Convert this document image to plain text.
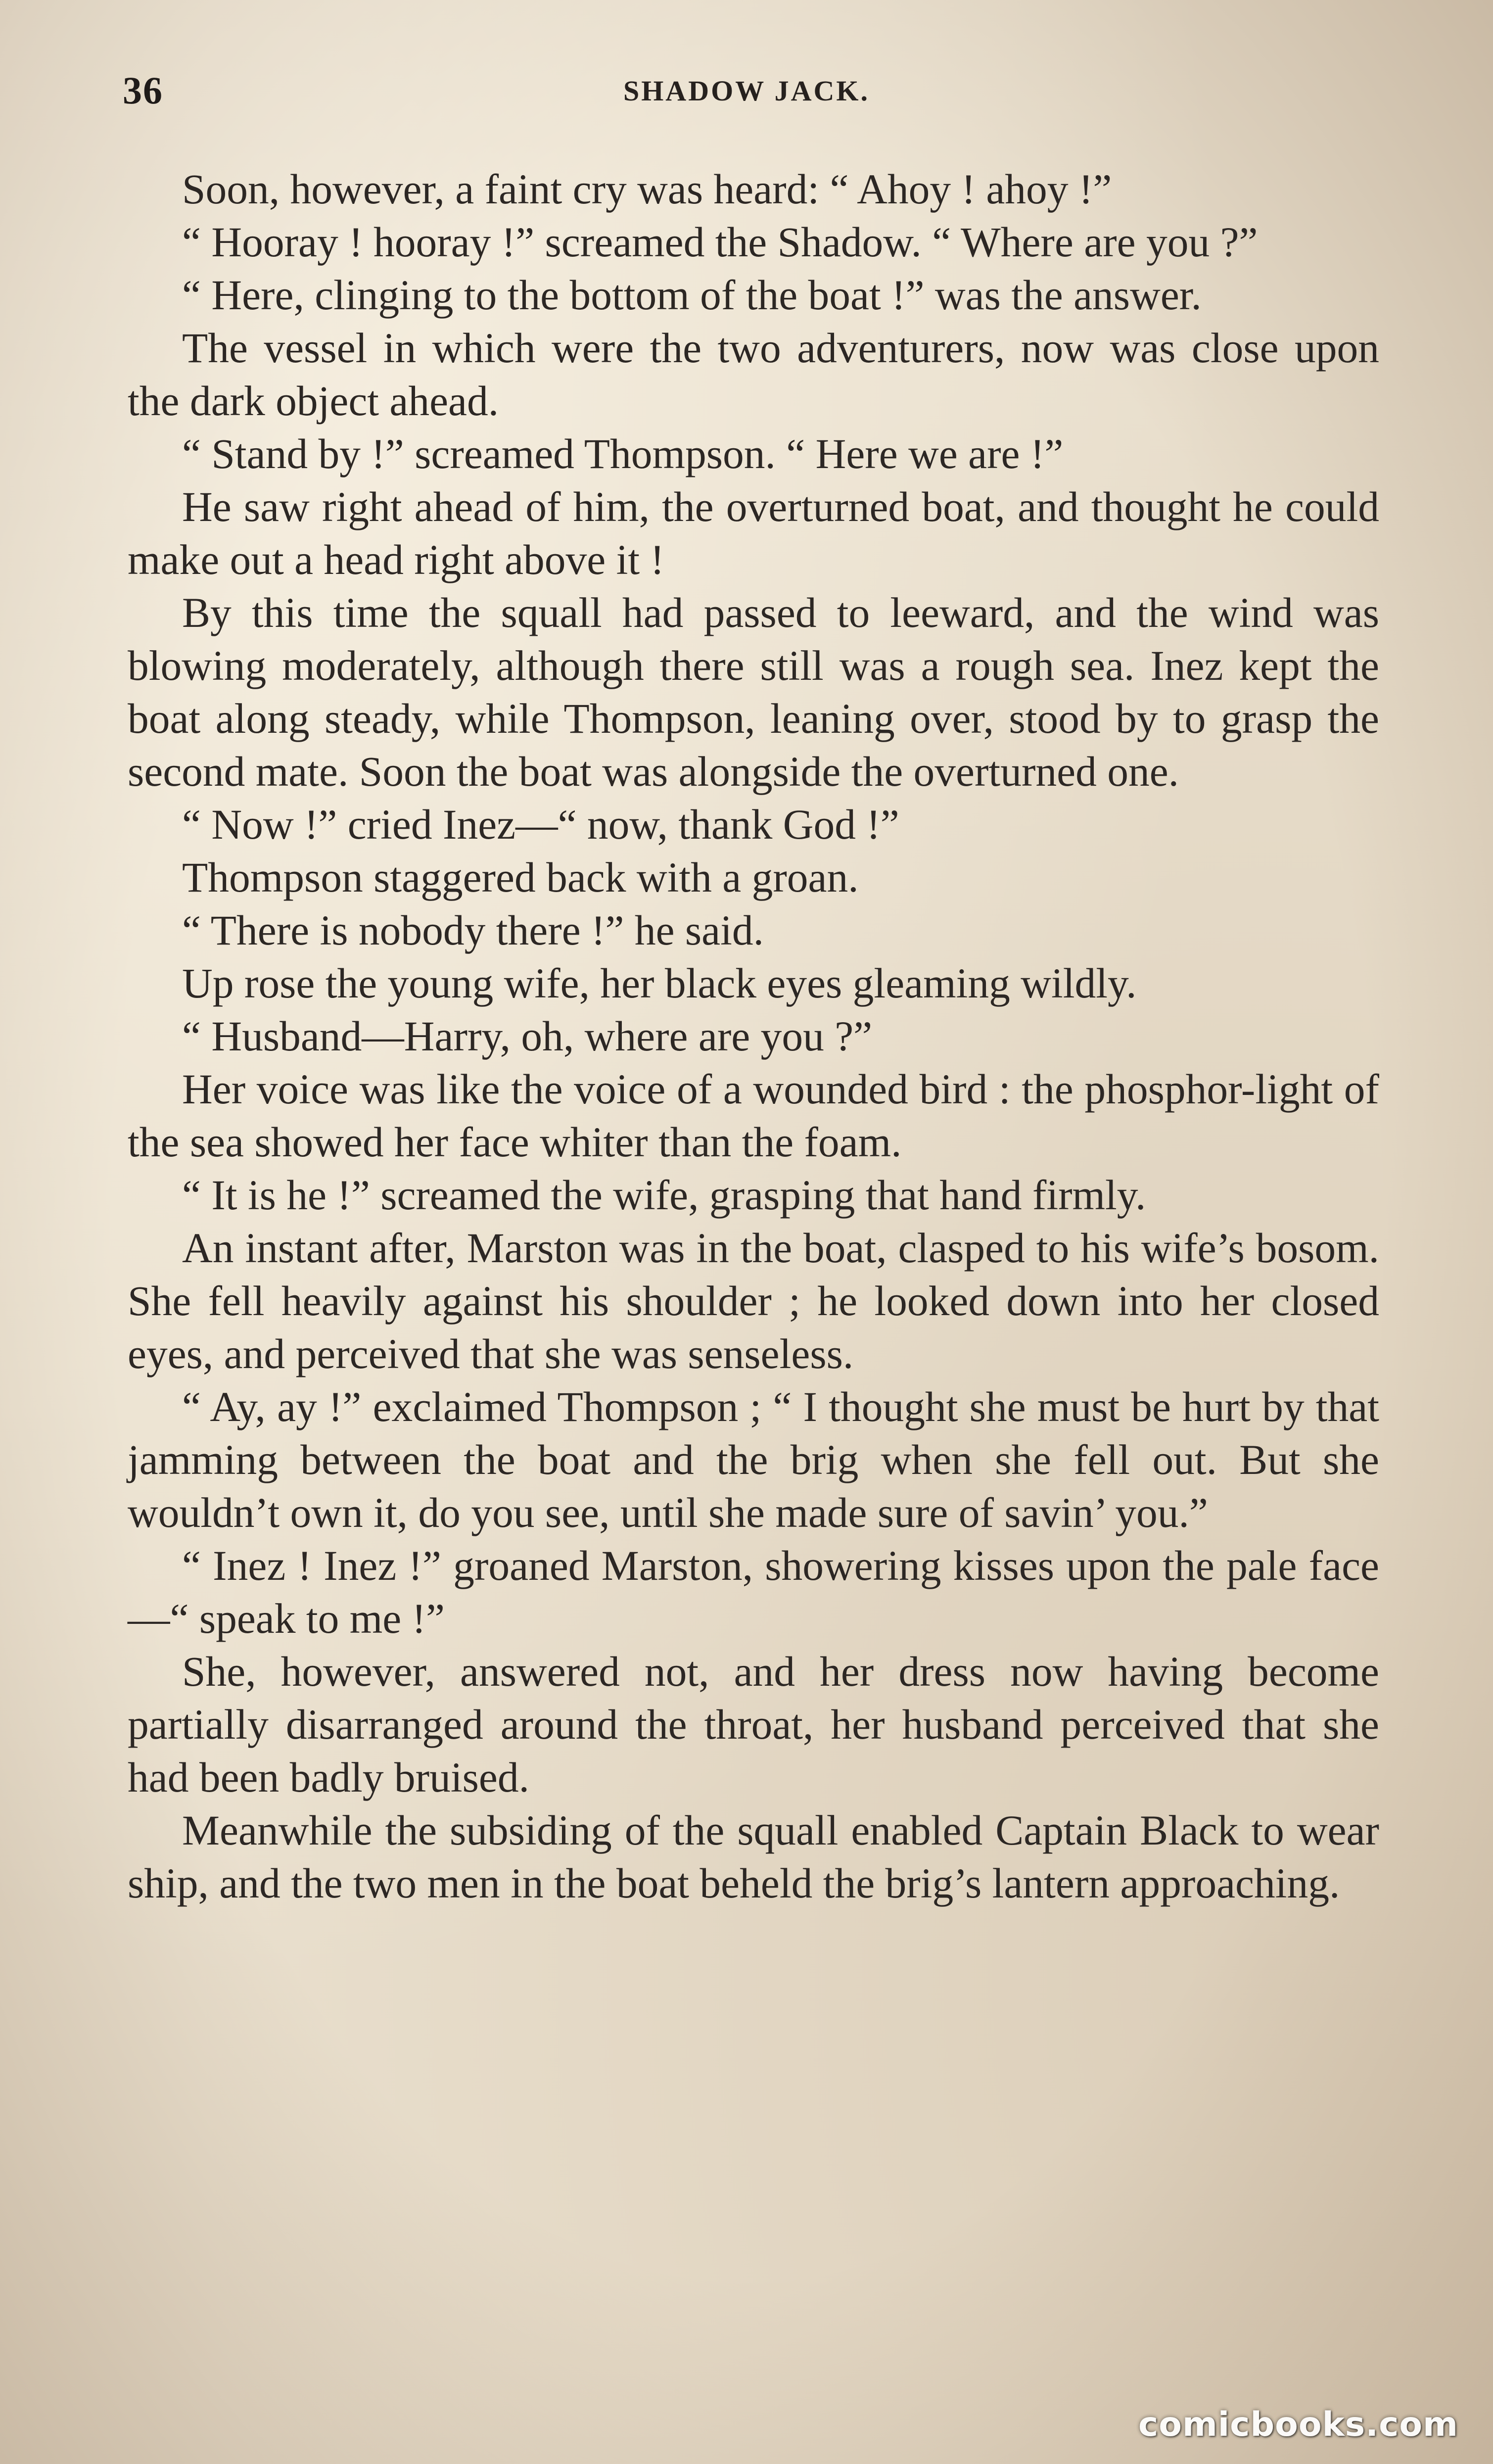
36	SHADOW JACK.

Soon, however, a faint cry was heard: “ Ahoy ! ahoy !”

“ Hooray ! hooray !” screamed the Shadow. “ Where are you ?”

“ Here, clinging to the bottom of the boat !” was the answer.

The vessel in which were the two adventurers, now was close upon the dark object ahead.

“ Stand by !” screamed Thompson. “ Here we are !”

He saw right ahead of him, the overturned boat, and thought he could make out a head right above it !

By this time the squall had passed to leeward, and the wind was blowing moderately, although there still was a rough sea. Inez kept the boat along steady, while Thompson, leaning over, stood by to grasp the second mate. Soon the boat was alongside the overturned one.

“ Now !” cried Inez—“ now, thank God !”

Thompson staggered back with a groan.

“ There is nobody there !” he said.

Up rose the young wife, her black eyes gleaming wildly.

“ Husband—Harry, oh, where are you ?”

Her voice was like the voice of a wounded bird : the phosphor-light of the sea showed her face whiter than the foam.

“ It is he !” screamed the wife, grasping that hand firmly.

An instant after, Marston was in the boat, clasped to his wife’s bosom. She fell heavily against his shoulder ; he looked down into her closed eyes, and perceived that she was senseless.

“ Ay, ay !” exclaimed Thompson ; “ I thought she must be hurt by that jamming between the boat and the brig when she fell out. But she wouldn’t own it, do you see, until she made sure of savin’ you.”

“ Inez ! Inez !” groaned Marston, showering kisses upon the pale face—“ speak to me !”

She, however, answered not, and her dress now having become partially disarranged around the throat, her husband perceived that she had been badly bruised.

Meanwhile the subsiding of the squall enabled Captain Black to wear ship, and the two men in the boat beheld the brig’s lantern approaching.

comicbooks.com
